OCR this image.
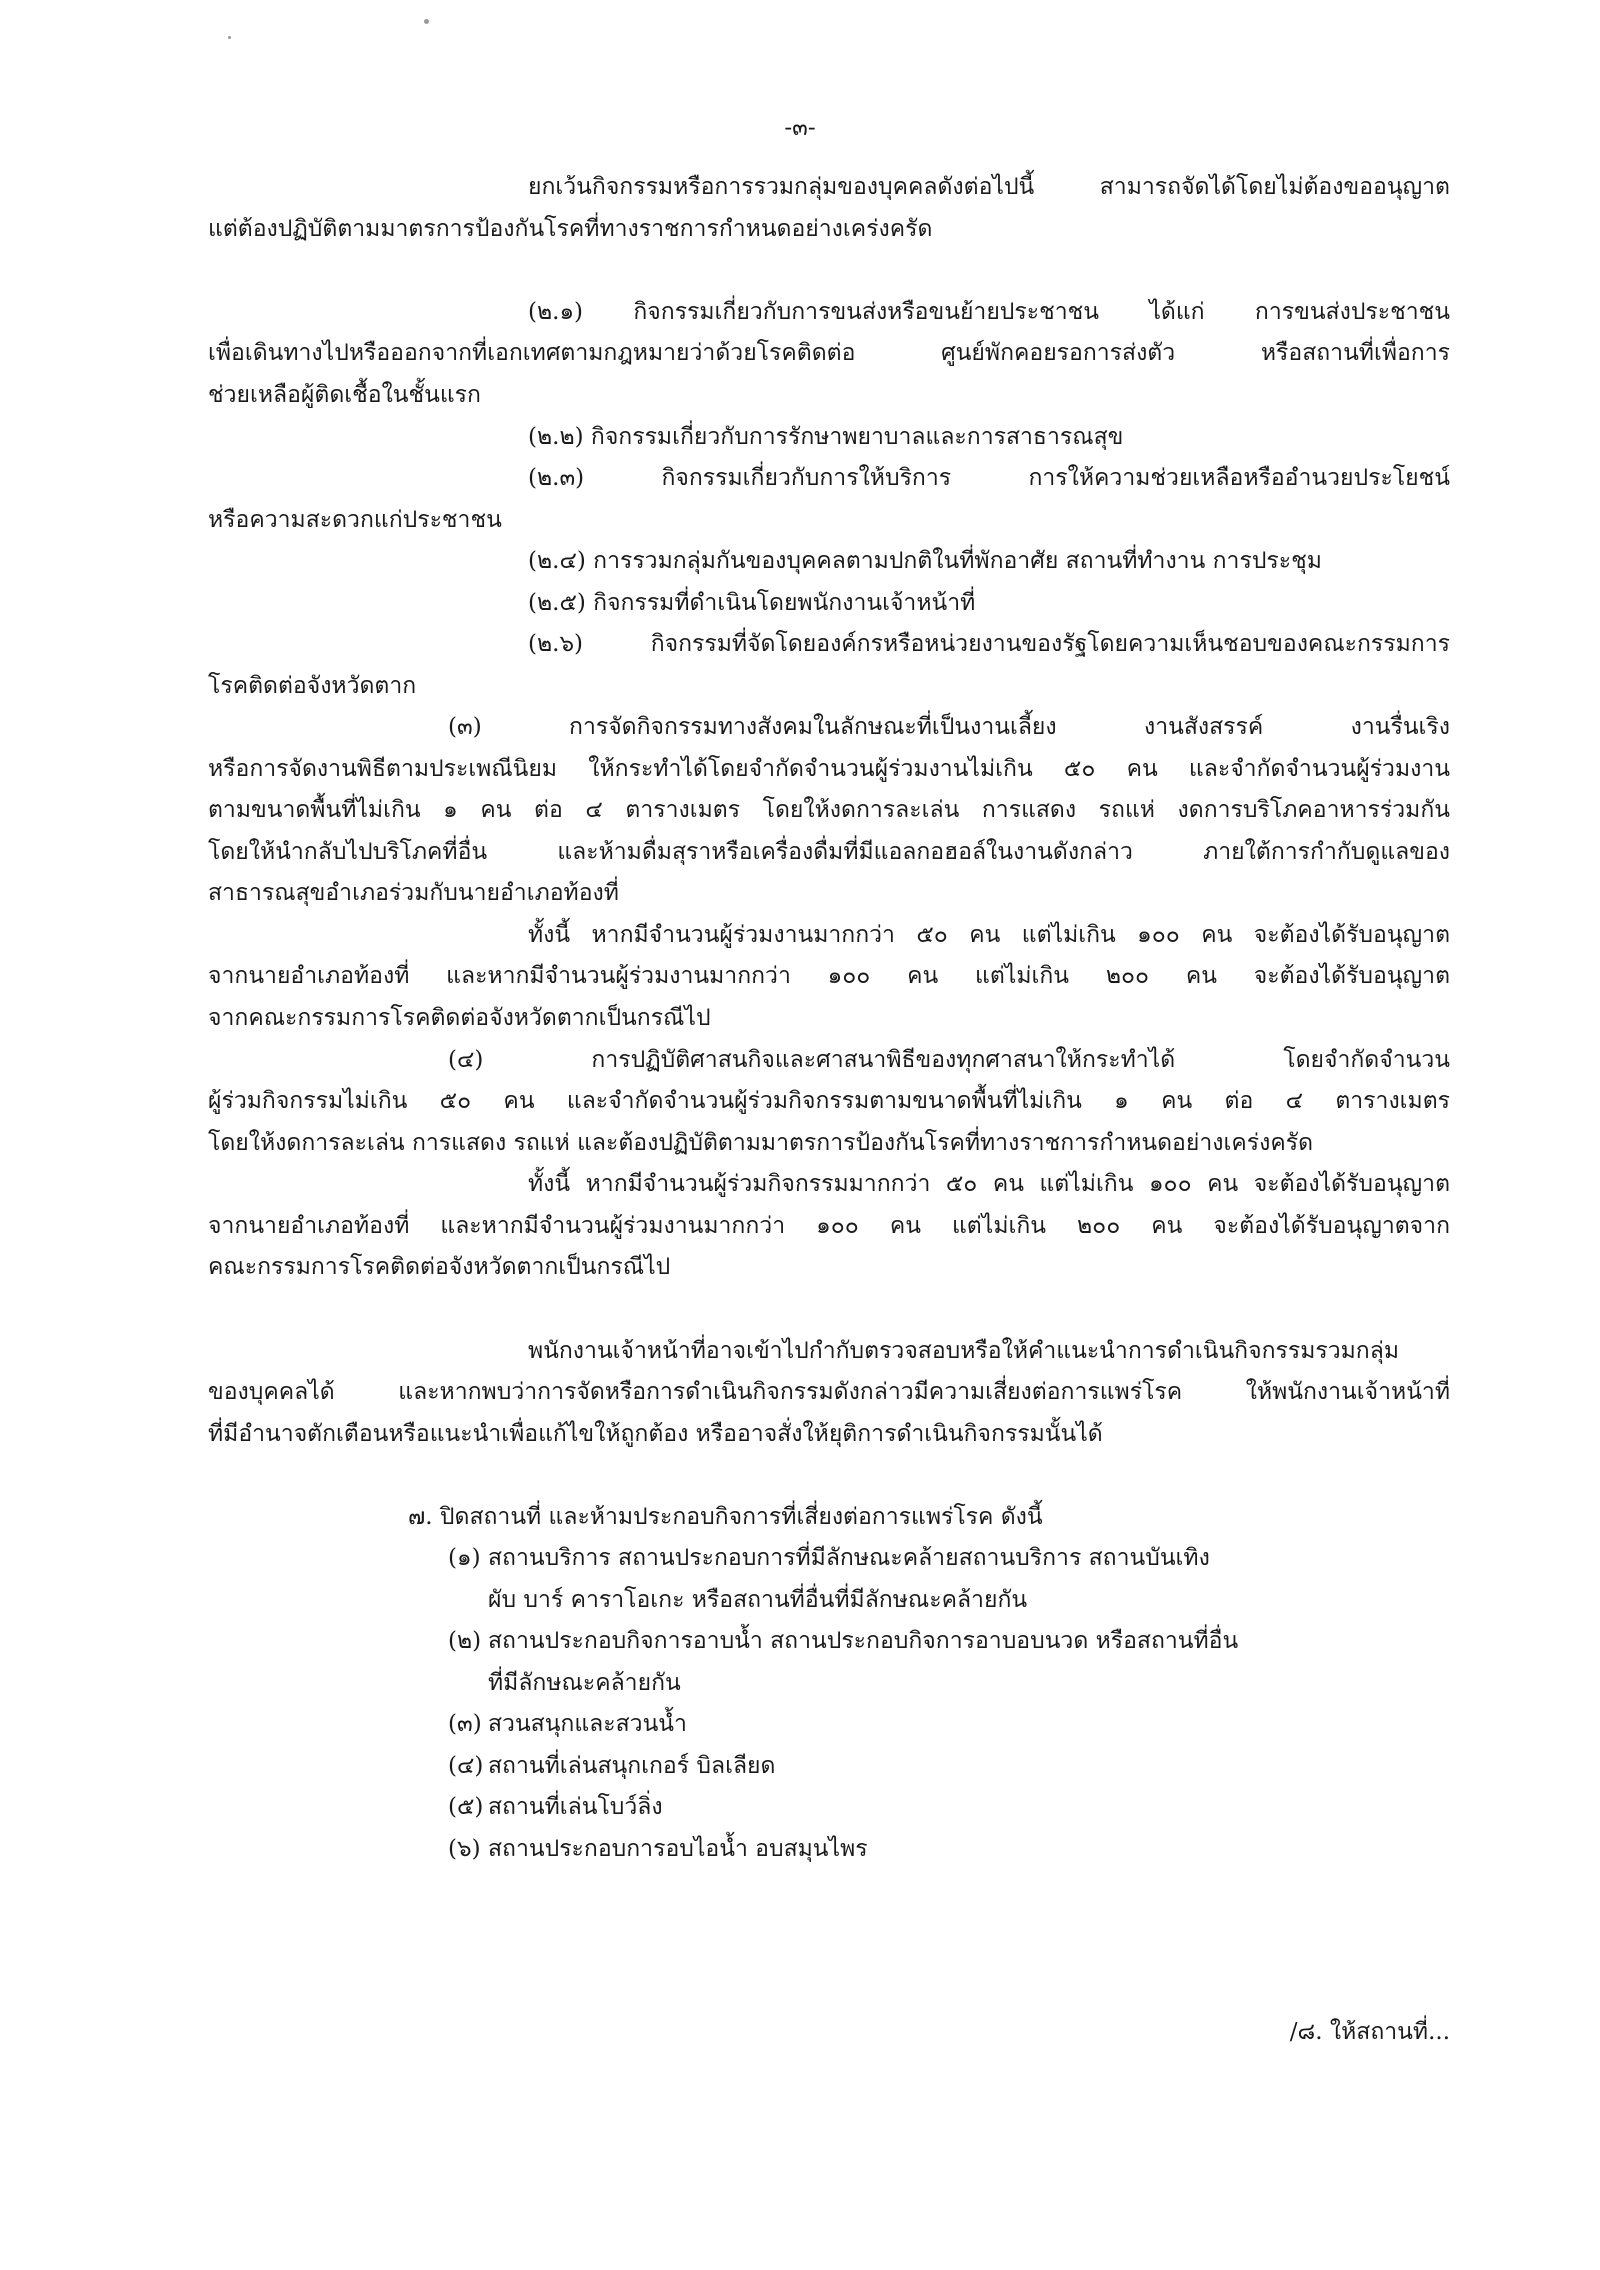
-๓-
ยกเว้นกิจกรรมหรือการรวมกลุ่มของบุคคลดังต่อไปนี้ สามารถจัดได้โดยไม่ต้องขออนุญาต
แต่ต้องปฏิบัติตามมาตรการป้องกันโรคที่ทางราชการกำหนดอย่างเคร่งครัด
(๒.๑) กิจกรรมเกี่ยวกับการขนส่งหรือขนย้ายประชาชน ได้แก่ การขนส่งประชาชน
เพื่อเดินทางไปหรือออกจากที่เอกเทศตามกฎหมายว่าด้วยโรคติดต่อ ศูนย์พักคอยรอการส่งตัว หรือสถานที่เพื่อการ
ช่วยเหลือผู้ติดเชื้อในชั้นแรก
(๒.๒) กิจกรรมเกี่ยวกับการรักษาพยาบาลและการสาธารณสุข
(๒.๓) กิจกรรมเกี่ยวกับการให้บริการ การให้ความช่วยเหลือหรืออำนวยประโยชน์
หรือความสะดวกแก่ประชาชน
(๒.๔) การรวมกลุ่มกันของบุคคลตามปกติในที่พักอาศัย สถานที่ทำงาน การประชุม
(๒.๕) กิจกรรมที่ดำเนินโดยพนักงานเจ้าหน้าที่
(๒.๖) กิจกรรมที่จัดโดยองค์กรหรือหน่วยงานของรัฐโดยความเห็นชอบของคณะกรรมการ
โรคติดต่อจังหวัดตาก
(๓) การจัดกิจกรรมทางสังคมในลักษณะที่เป็นงานเลี้ยง งานสังสรรค์ งานรื่นเริง
หรือการจัดงานพิธีตามประเพณีนิยม ให้กระทำได้โดยจำกัดจำนวนผู้ร่วมงานไม่เกิน ๕๐ คน และจำกัดจำนวนผู้ร่วมงาน
ตามขนาดพื้นที่ไม่เกิน ๑ คน ต่อ ๔ ตารางเมตร โดยให้งดการละเล่น การแสดง รถแห่ งดการบริโภคอาหารร่วมกัน
โดยให้นำกลับไปบริโภคที่อื่น และห้ามดื่มสุราหรือเครื่องดื่มที่มีแอลกอฮอล์ในงานดังกล่าว ภายใต้การกำกับดูแลของ
สาธารณสุขอำเภอร่วมกับนายอำเภอท้องที่
ทั้งนี้ หากมีจำนวนผู้ร่วมงานมากกว่า ๕๐ คน แต่ไม่เกิน ๑๐๐ คน จะต้องได้รับอนุญาต
จากนายอำเภอท้องที่ และหากมีจำนวนผู้ร่วมงานมากกว่า ๑๐๐ คน แต่ไม่เกิน ๒๐๐ คน จะต้องได้รับอนุญาต
จากคณะกรรมการโรคติดต่อจังหวัดตากเป็นกรณีไป
(๔) การปฏิบัติศาสนกิจและศาสนาพิธีของทุกศาสนาให้กระทำได้ โดยจำกัดจำนวน
ผู้ร่วมกิจกรรมไม่เกิน ๕๐ คน และจำกัดจำนวนผู้ร่วมกิจกรรมตามขนาดพื้นที่ไม่เกิน ๑ คน ต่อ ๔ ตารางเมตร
โดยให้งดการละเล่น การแสดง รถแห่ และต้องปฏิบัติตามมาตรการป้องกันโรคที่ทางราชการกำหนดอย่างเคร่งครัด
ทั้งนี้ หากมีจำนวนผู้ร่วมกิจกรรมมากกว่า ๕๐ คน แต่ไม่เกิน ๑๐๐ คน จะต้องได้รับอนุญาต
จากนายอำเภอท้องที่ และหากมีจำนวนผู้ร่วมงานมากกว่า ๑๐๐ คน แต่ไม่เกิน ๒๐๐ คน จะต้องได้รับอนุญาตจาก
คณะกรรมการโรคติดต่อจังหวัดตากเป็นกรณีไป
พนักงานเจ้าหน้าที่อาจเข้าไปกำกับตรวจสอบหรือให้คำแนะนำการดำเนินกิจกรรมรวมกลุ่ม
ของบุคคลได้ และหากพบว่าการจัดหรือการดำเนินกิจกรรมดังกล่าวมีความเสี่ยงต่อการแพร่โรค ให้พนักงานเจ้าหน้าที่
ที่มีอำนาจตักเตือนหรือแนะนำเพื่อแก้ไขให้ถูกต้อง หรืออาจสั่งให้ยุติการดำเนินกิจกรรมนั้นได้
๗. ปิดสถานที่ และห้ามประกอบกิจการที่เสี่ยงต่อการแพร่โรค ดังนี้
(๑) สถานบริการ สถานประกอบการที่มีลักษณะคล้ายสถานบริการ สถานบันเทิง
ผับ บาร์ คาราโอเกะ หรือสถานที่อื่นที่มีลักษณะคล้ายกัน
(๒) สถานประกอบกิจการอาบน้ำ สถานประกอบกิจการอาบอบนวด หรือสถานที่อื่น
ที่มีลักษณะคล้ายกัน
(๓) สวนสนุกและสวนน้ำ
(๔) สถานที่เล่นสนุกเกอร์ บิลเลียด
(๕) สถานที่เล่นโบว์ลิ่ง
(๖) สถานประกอบการอบไอน้ำ อบสมุนไพร
/๘. ให้สถานที่...
